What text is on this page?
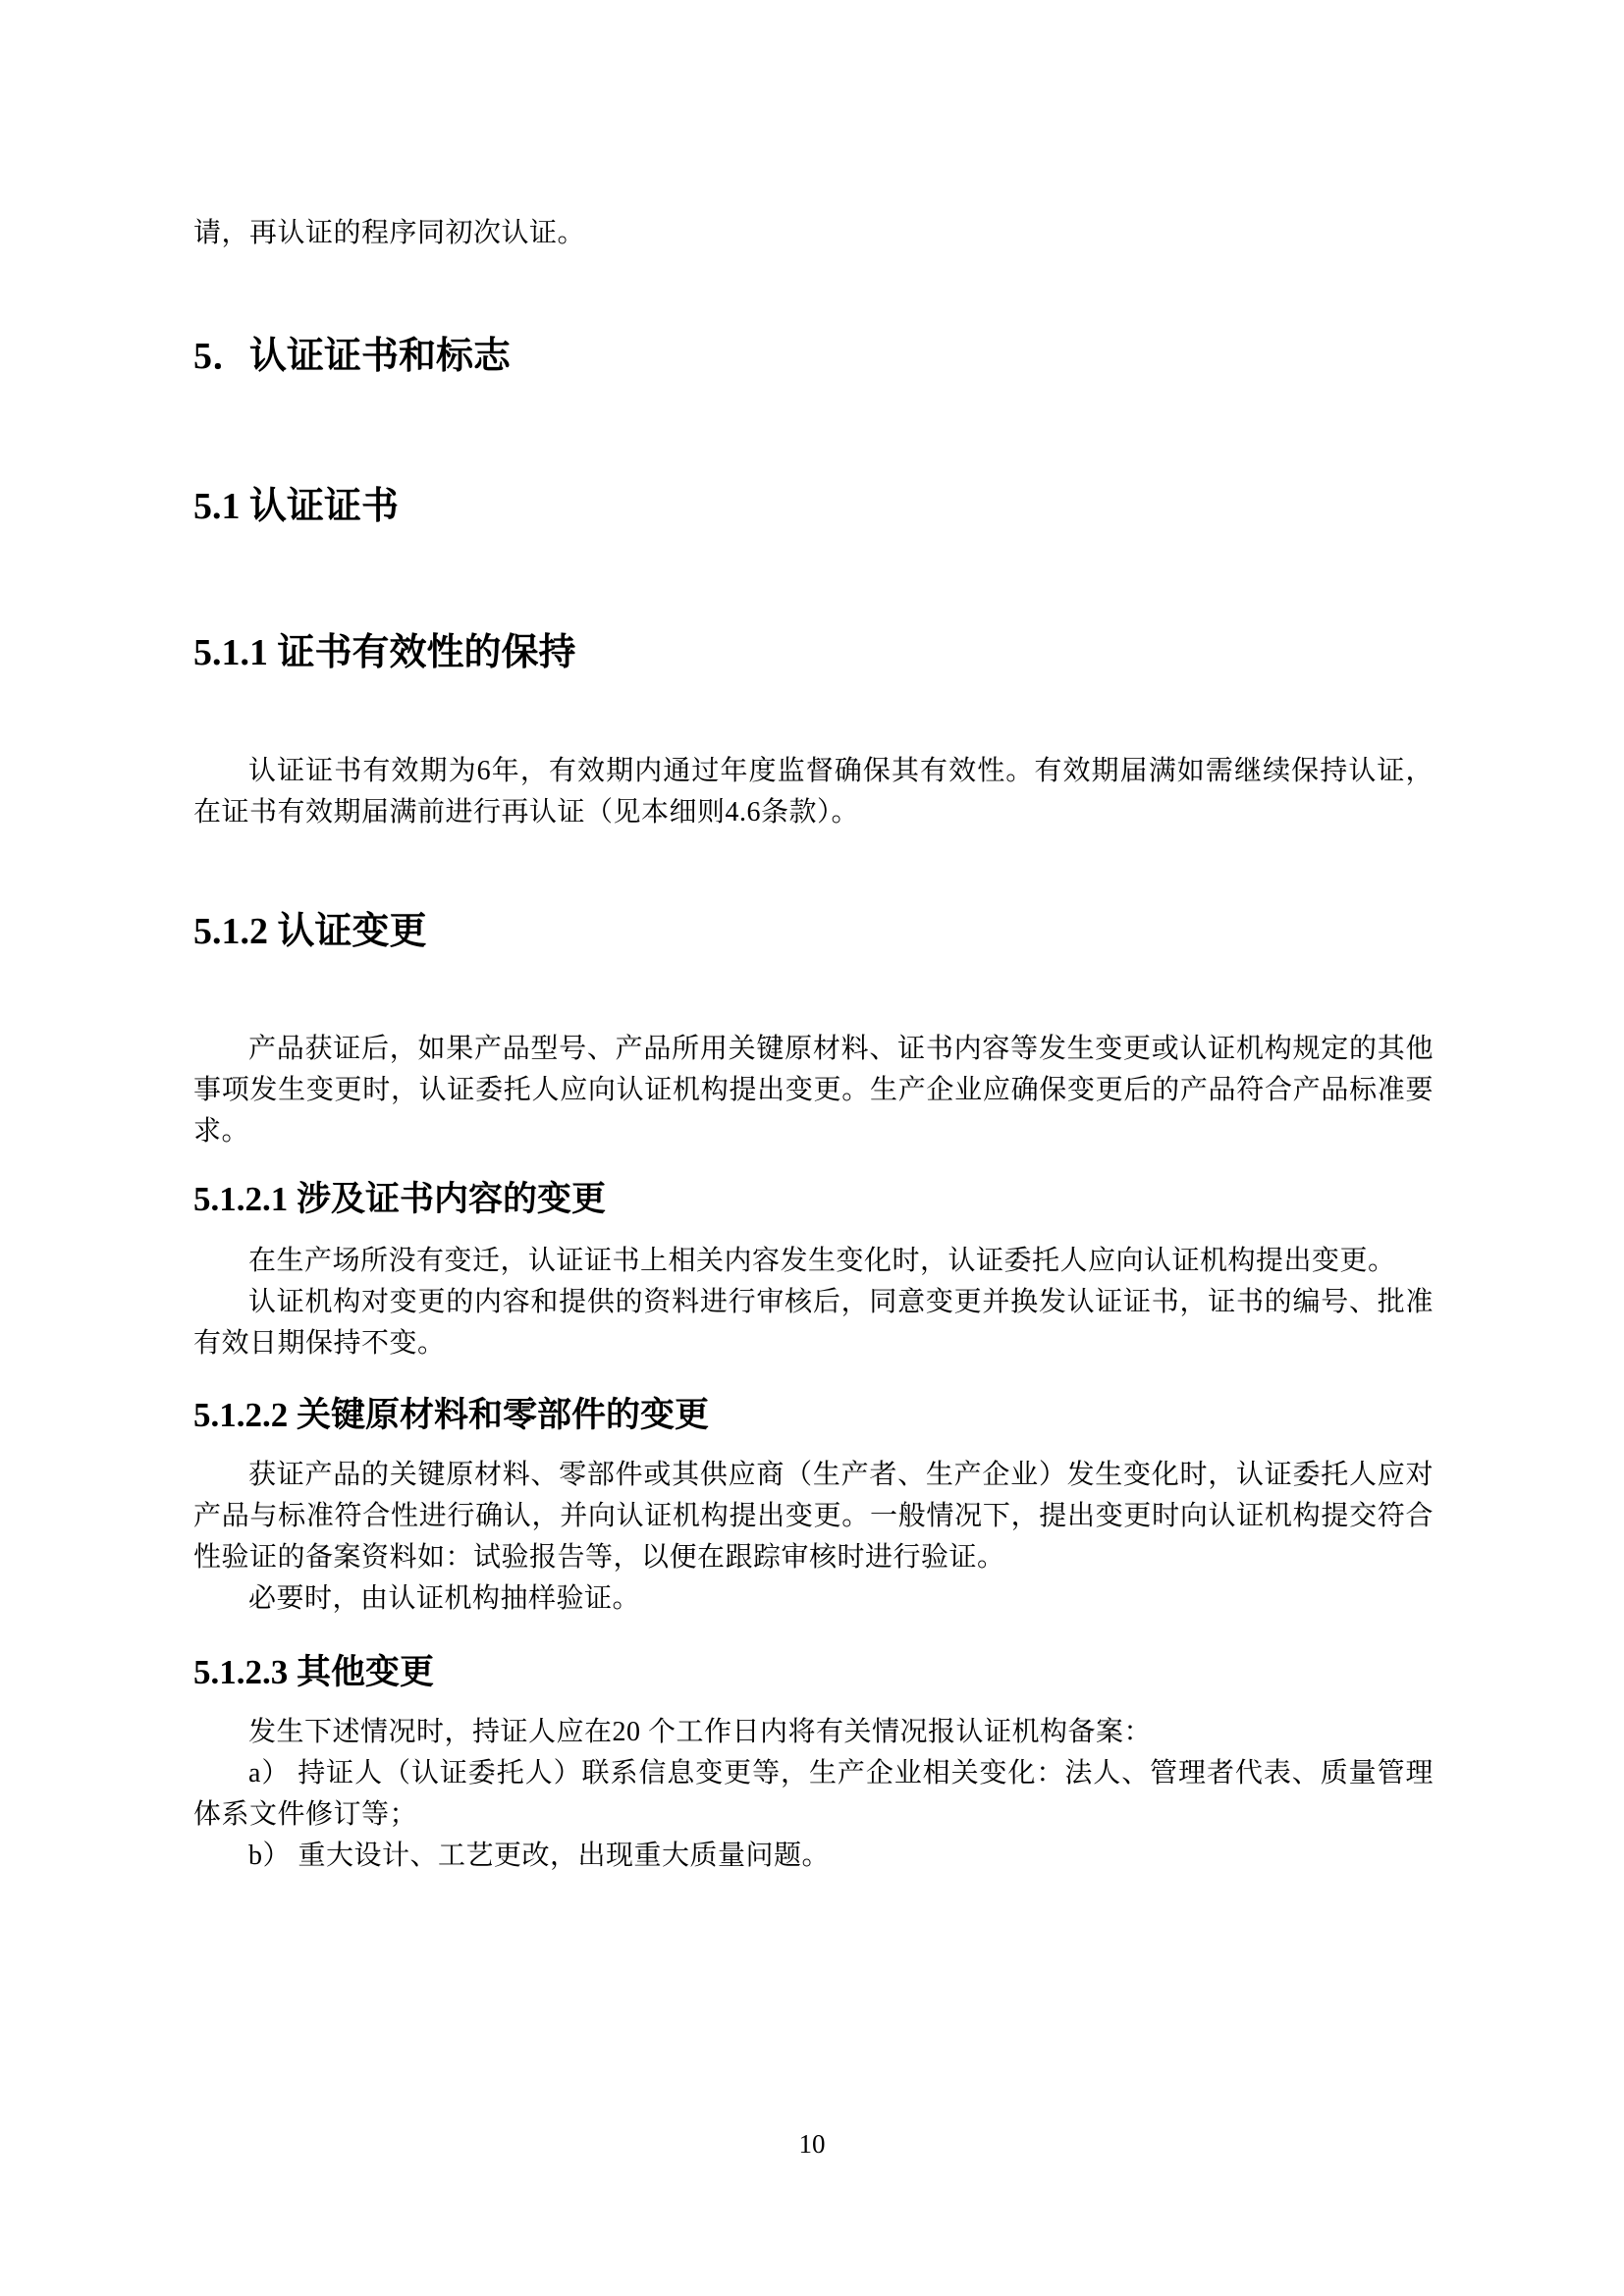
请，再认证的程序同初次认证。

5．认证证书和标志
5.1 认证证书
5.1.1 证书有效性的保持

认证证书有效期为6年，有效期内通过年度监督确保其有效性。有效期届满如需继续保持认证，在证书有效期届满前进行再认证（见本细则4.6条款）。

5.1.2 认证变更

产品获证后，如果产品型号、产品所用关键原材料、证书内容等发生变更或认证机构规定的其他事项发生变更时，认证委托人应向认证机构提出变更。生产企业应确保变更后的产品符合产品标准要求。

5.1.2.1 涉及证书内容的变更

在生产场所没有变迁，认证证书上相关内容发生变化时，认证委托人应向认证机构提出变更。

认证机构对变更的内容和提供的资料进行审核后，同意变更并换发认证证书，证书的编号、批准有效日期保持不变。

5.1.2.2 关键原材料和零部件的变更

获证产品的关键原材料、零部件或其供应商（生产者、生产企业）发生变化时，认证委托人应对产品与标准符合性进行确认，并向认证机构提出变更。一般情况下，提出变更时向认证机构提交符合性验证的备案资料如：试验报告等，以便在跟踪审核时进行验证。

必要时，由认证机构抽样验证。

5.1.2.3 其他变更

发生下述情况时，持证人应在20 个工作日内将有关情况报认证机构备案：

a） 持证人（认证委托人）联系信息变更等，生产企业相关变化：法人、管理者代表、质量管理体系文件修订等；

b） 重大设计、工艺更改，出现重大质量问题。

10
